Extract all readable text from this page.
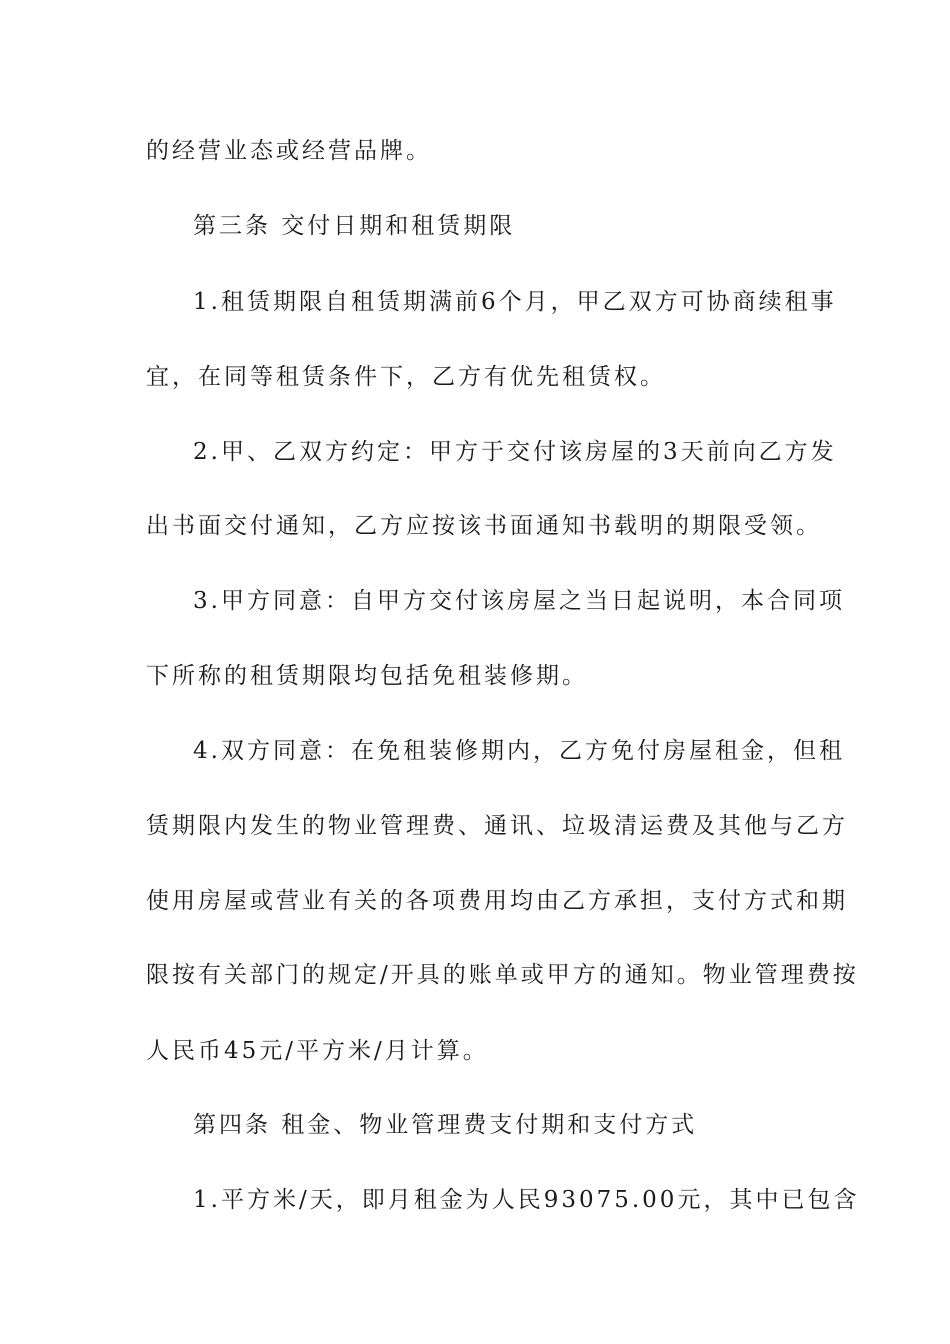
的经营业态或经营品牌。
第三条 交付日期和租赁期限
1.租赁期限自租赁期满前6个月，甲乙双方可协商续租事
宜，在同等租赁条件下，乙方有优先租赁权。
2.甲、乙双方约定：甲方于交付该房屋的3天前向乙方发
出书面交付通知，乙方应按该书面通知书载明的期限受领。
3.甲方同意：自甲方交付该房屋之当日起说明，本合同项
下所称的租赁期限均包括免租装修期。
4.双方同意：在免租装修期内，乙方免付房屋租金，但租
赁期限内发生的物业管理费、通讯、垃圾清运费及其他与乙方
使用房屋或营业有关的各项费用均由乙方承担，支付方式和期
限按有关部门的规定/开具的账单或甲方的通知。物业管理费按
人民币45元/平方米/月计算。
第四条 租金、物业管理费支付期和支付方式
1.平方米/天，即月租金为人民93075.00元，其中已包含
